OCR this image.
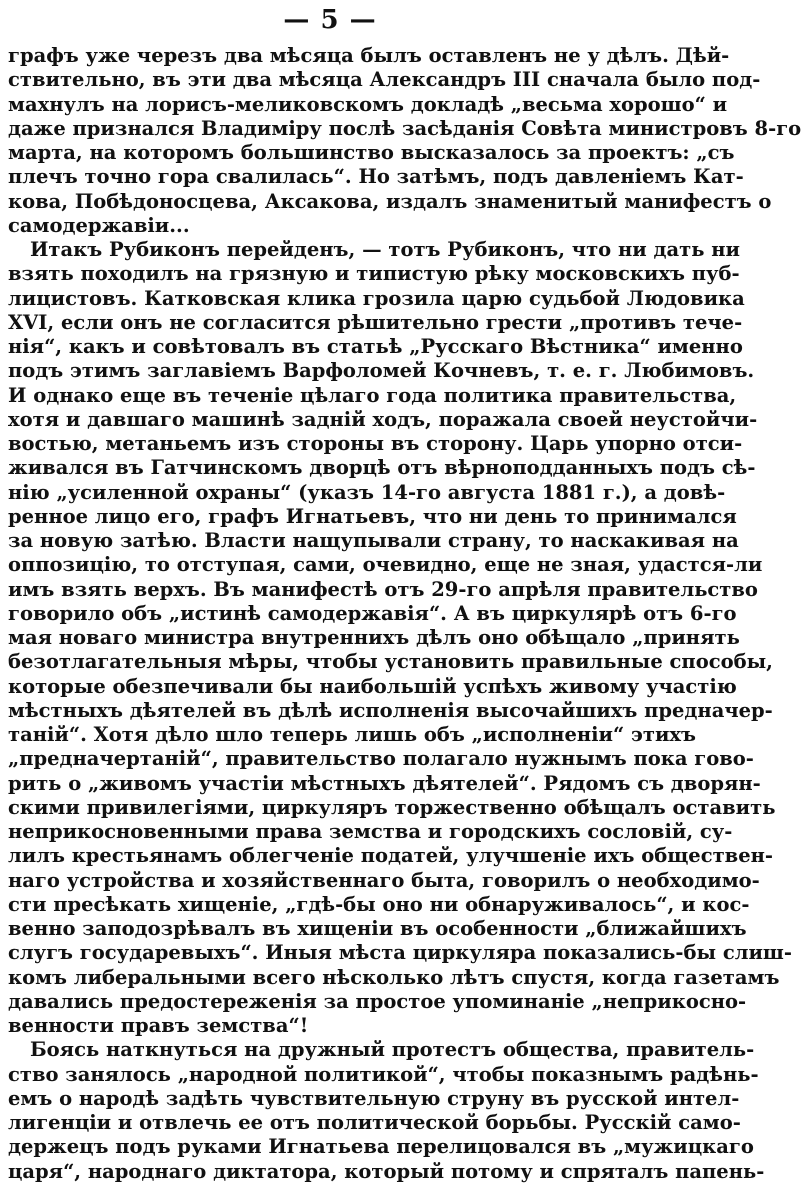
— 5 —
графъ уже черезъ два мѣсяца былъ оставленъ не у дѣлъ. Дѣй-
ствительно, въ эти два мѣсяца Александръ III сначала было под-
махнулъ на лорисъ-меликовскомъ докладѣ „весьма хорошо“ и
даже признался Владиміру послѣ засѣданія Совѣта министровъ 8-го
марта, на которомъ большинство высказалось за проектъ: „съ
плечъ точно гора свалилась“. Но затѣмъ, подъ давленіемъ Кат-
кова, Побѣдоносцева, Аксакова, издалъ знаменитый манифестъ о
самодержавіи...
Итакъ Рубиконъ перейденъ, — тотъ Рубиконъ, что ни дать ни
взять походилъ на грязную и типистую рѣку московскихъ пуб-
лицистовъ. Катковская клика грозила царю судьбой Людовика
XVI, если онъ не согласится рѣшительно грести „противъ тече-
нія“, какъ и совѣтовалъ въ статьѣ „Русскаго Вѣстника“ именно
подъ этимъ заглавіемъ Варфоломей Кочневъ, т. е. г. Любимовъ.
И однако еще въ теченіе цѣлаго года политика правительства,
хотя и давшаго машинѣ заднiй ходъ, поражала своей неустойчи-
востью, метаньемъ изъ стороны въ сторону. Царь упорно отси-
живался въ Гатчинскомъ дворцѣ отъ вѣрноподданныхъ подъ сѣ-
нію „усиленной охраны“ (указъ 14-го августа 1881 г.), а довѣ-
ренное лицо его, графъ Игнатьевъ, что ни день то принимался
за новую затѣю. Власти нащупывали страну, то наскакивая на
оппозицію, то отступая, сами, очевидно, еще не зная, удастся-ли
имъ взять верхъ. Въ манифестѣ отъ 29-го апрѣля правительство
говорило объ „истинѣ самодержавія“. А въ циркулярѣ отъ 6-го
мая новаго министра внутреннихъ дѣлъ оно обѣщало „принять
безотлагательныя мѣры, чтобы установить правильные способы,
которые обезпечивали бы наибольшій успѣхъ живому участію
мѣстныхъ дѣятелей въ дѣлѣ исполненія высочайшихъ предначер-
таній“. Хотя дѣло шло теперь лишь объ „исполненіи“ этихъ
„предначертаній“, правительство полагало нужнымъ пока гово-
рить о „живомъ участіи мѣстныхъ дѣятелей“. Рядомъ съ дворян-
скими привилегіями, циркуляръ торжественно обѣщалъ оставить
неприкосновенными права земства и городскихъ сословій, су-
лилъ крестьянамъ облегченіе податей, улучшеніе ихъ обществен-
наго устройства и хозяйственнаго быта, говорилъ о необходимо-
сти пресѣкать хищенiе, „гдѣ-бы оно ни обнаруживалось“, и кос-
венно заподозрѣвалъ въ хищеніи въ особенности „ближайшихъ
слугъ государевыхъ“. Иныя мѣста циркуляра показались-бы слиш-
комъ либеральными всего нѣсколько лѣтъ спустя, когда газетамъ
давались предостереженія за простое упоминаніе „неприкосно-
венности правъ земства“!
Боясь наткнуться на дружный протестъ общества, правитель-
ство занялось „народной политикой“, чтобы показнымъ радѣнь-
емъ о народѣ задѣть чувствительную струну въ русской интел-
лигенціи и отвлечь ее отъ политической борьбы. Русскій само-
держецъ подъ руками Игнатьева перелицовался въ „мужицкаго
царя“, народнаго диктатора, который потому и спряталъ папень-
